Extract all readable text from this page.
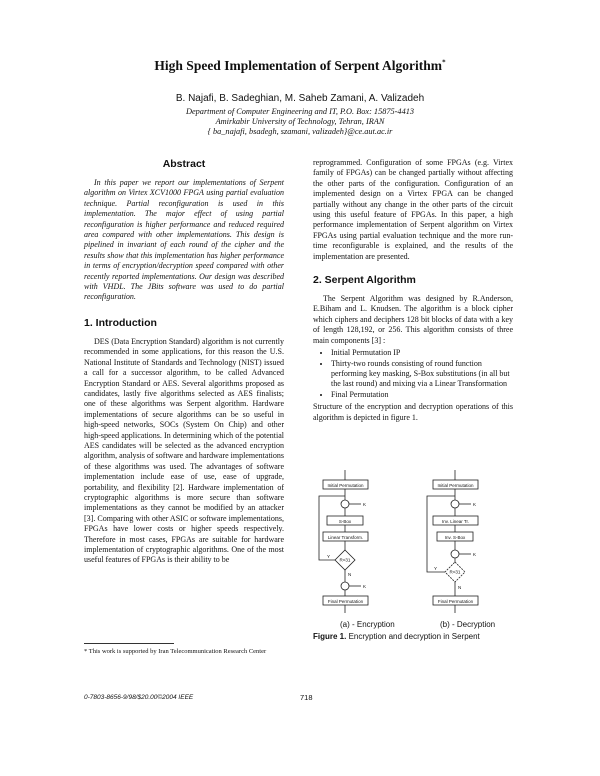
High Speed Implementation of Serpent Algorithm*
B. Najafi, B. Sadeghian, M. Saheb Zamani, A. Valizadeh
Department of Computer Engineering and IT, P.O. Box: 15875-4413
Amirkabir University of Technology, Tehran, IRAN
{ ba_najafi, bsadegh, szamani, valizadeh}@ce.aut.ac.ir
Abstract

In this paper we report our implementations of Serpent algorithm on Virtex XCV1000 FPGA using partial evaluation technique. Partial reconfiguration is used in this implementation. The major effect of using partial reconfiguration is higher performance and reduced required area compared with other implementations. This design is pipelined in invariant of each round of the cipher and the results show that this implementation has higher performance in terms of encryption/decryption speed compared with other recently reported implementations. Our design was described with VHDL. The JBits software was used to do partial reconfiguration.

1. Introduction

DES (Data Encryption Standard) algorithm is not currently recommended in some applications, for this reason the U.S. National Institute of Standards and Technology (NIST) issued a call for a successor algorithm, to be called Advanced Encryption Standard or AES. Several algorithms proposed as candidates, lastly five algorithms selected as AES finalists; one of these algorithms was Serpent algorithm. Hardware implementations of secure algorithms can be so useful in high-speed networks, SOCs (System On Chip) and other high-speed applications. In determining which of the potential AES candidates will be selected as the advanced encryption algorithm, analysis of software and hardware implementations of these algorithms was used. The advantages of software implementation include ease of use, ease of upgrade, portability, and flexibility [2]. Hardware implementation of cryptographic algorithms is more secure than software implementations as they cannot be modified by an attacker [3]. Comparing with other ASIC or software implementations, FPGAs have lower costs or higher speeds respectively. Therefore in most cases, FPGAs are suitable for hardware implementation of cryptographic algorithms. One of the most useful features of FPGAs is their ability to be

reprogrammed. Configuration of some FPGAs (e.g. Virtex family of FPGAs) can be changed partially without affecting the other parts of the configuration. Configuration of an implemented design on a Virtex FPGA can be changed partially without any change in the other parts of the circuit using this useful feature of FPGAs. In this paper, a high performance implementation of Serpent algorithm on Virtex FPGAs using partial evaluation technique and the more run-time reconfigurable is explained, and the results of the implementation are presented.

2. Serpent Algorithm

The Serpent Algorithm was designed by R.Anderson, E.Biham and L. Knudsen. The algorithm is a block cipher which ciphers and deciphers 128 bit blocks of data with a key of length 128,192, or 256. This algorithm consists of three main components [3] :

• Initial Permutation IP
• Thirty-two rounds consisting of round function performing key masking, S-Box substitutions (in all but the last round) and mixing via a Linear Transformation
• Final Permutation

Structure of the encryption and decryption operations of this algorithm is depicted in figure 1.

Initial Permutation
S-Box
Linear Transform.
R<31
Final Permutation
K
K
Y
N
Initial Permutation
Inv. Linear Tr.
Inv. S-Box
R<31
Final Permutation
K
K
Y
N
(a) - Encryption	(b) - Decryption
Figure 1. Encryption and decryption in Serpent
* This work is supported by Iran Telecommunication Research Center
0-7803-8656-9/98/$20.00©2004 IEEE	718
